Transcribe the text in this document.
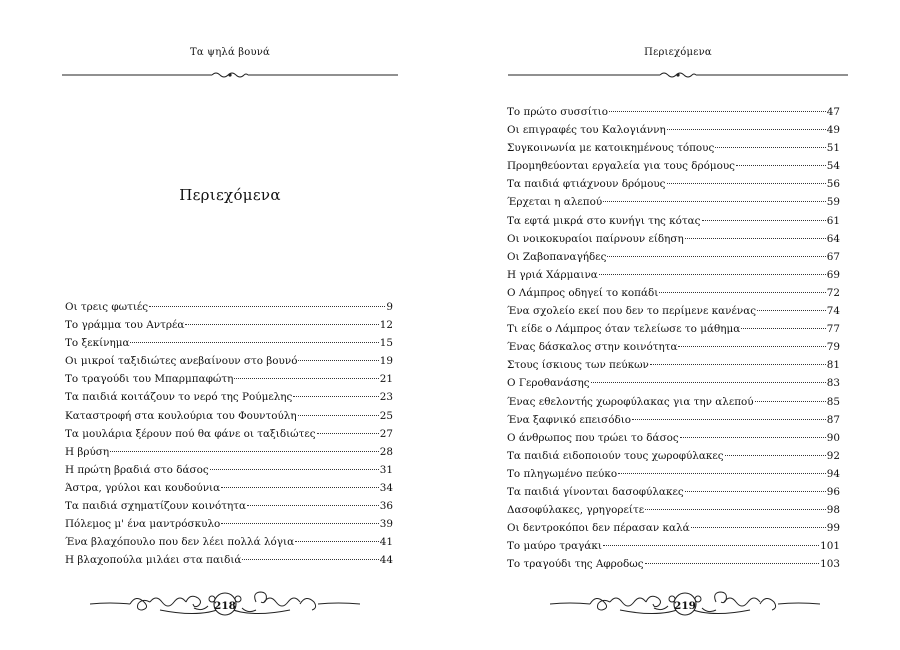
Τα ψηλά βουνά
Περιεχόμενα
Οι τρεις φωτιές	9
Το γράμμα του Αντρέα	12
Το ξεκίνημα	15
Οι μικροί ταξιδιώτες ανεβαίνουν στο βουνό	19
Το τραγούδι του Μπαρμπαφώτη	21
Τα παιδιά κοιτάζουν το νερό της Ρούμελης	23
Καταστροφή στα κουλούρια του Φουντούλη	25
Τα μουλάρια ξέρουν πού θα φάνε οι ταξιδιώτες	27
Η βρύση	28
Η πρώτη βραδιά στο δάσος	31
Άστρα, γρύλοι και κουδούνια	34
Τα παιδιά σχηματίζουν κοινότητα	36
Πόλεμος μ' ένα μαντρόσκυλο	39
Ένα βλαχόπουλο που δεν λέει πολλά λόγια	41
Η βλαχοπούλα μιλάει στα παιδιά	44
218
Περιεχόμενα
Το πρώτο συσσίτιο	47
Οι επιγραφές του Καλογιάννη	49
Συγκοινωνία με κατοικημένους τόπους	51
Προμηθεύονται εργαλεία για τους δρόμους	54
Τα παιδιά φτιάχνουν δρόμους	56
Έρχεται η αλεπού	59
Τα εφτά μικρά στο κυνήγι της κότας	61
Οι νοικοκυραίοι παίρνουν είδηση	64
Οι Ζαβοπαναγήδες	67
Η γριά Χάρμαινα	69
Ο Λάμπρος οδηγεί το κοπάδι	72
Ένα σχολείο εκεί που δεν το περίμενε κανένας	74
Τι είδε ο Λάμπρος όταν τελείωσε το μάθημα	77
Ένας δάσκαλος στην κοινότητα	79
Στους ίσκιους των πεύκων	81
Ο Γεροθανάσης	83
Ένας εθελοντής χωροφύλακας για την αλεπού	85
Ένα ξαφνικό επεισόδιο	87
Ο άνθρωπος που τρώει το δάσος	90
Τα παιδιά ειδοποιούν τους χωροφύλακες	92
Το πληγωμένο πεύκο	94
Τα παιδιά γίνονται δασοφύλακες	96
Δασοφύλακες, γρηγορείτε	98
Οι δεντροκόποι δεν πέρασαν καλά	99
Το μαύρο τραγάκι	101
Το τραγούδι της Αφροδως	103
219
